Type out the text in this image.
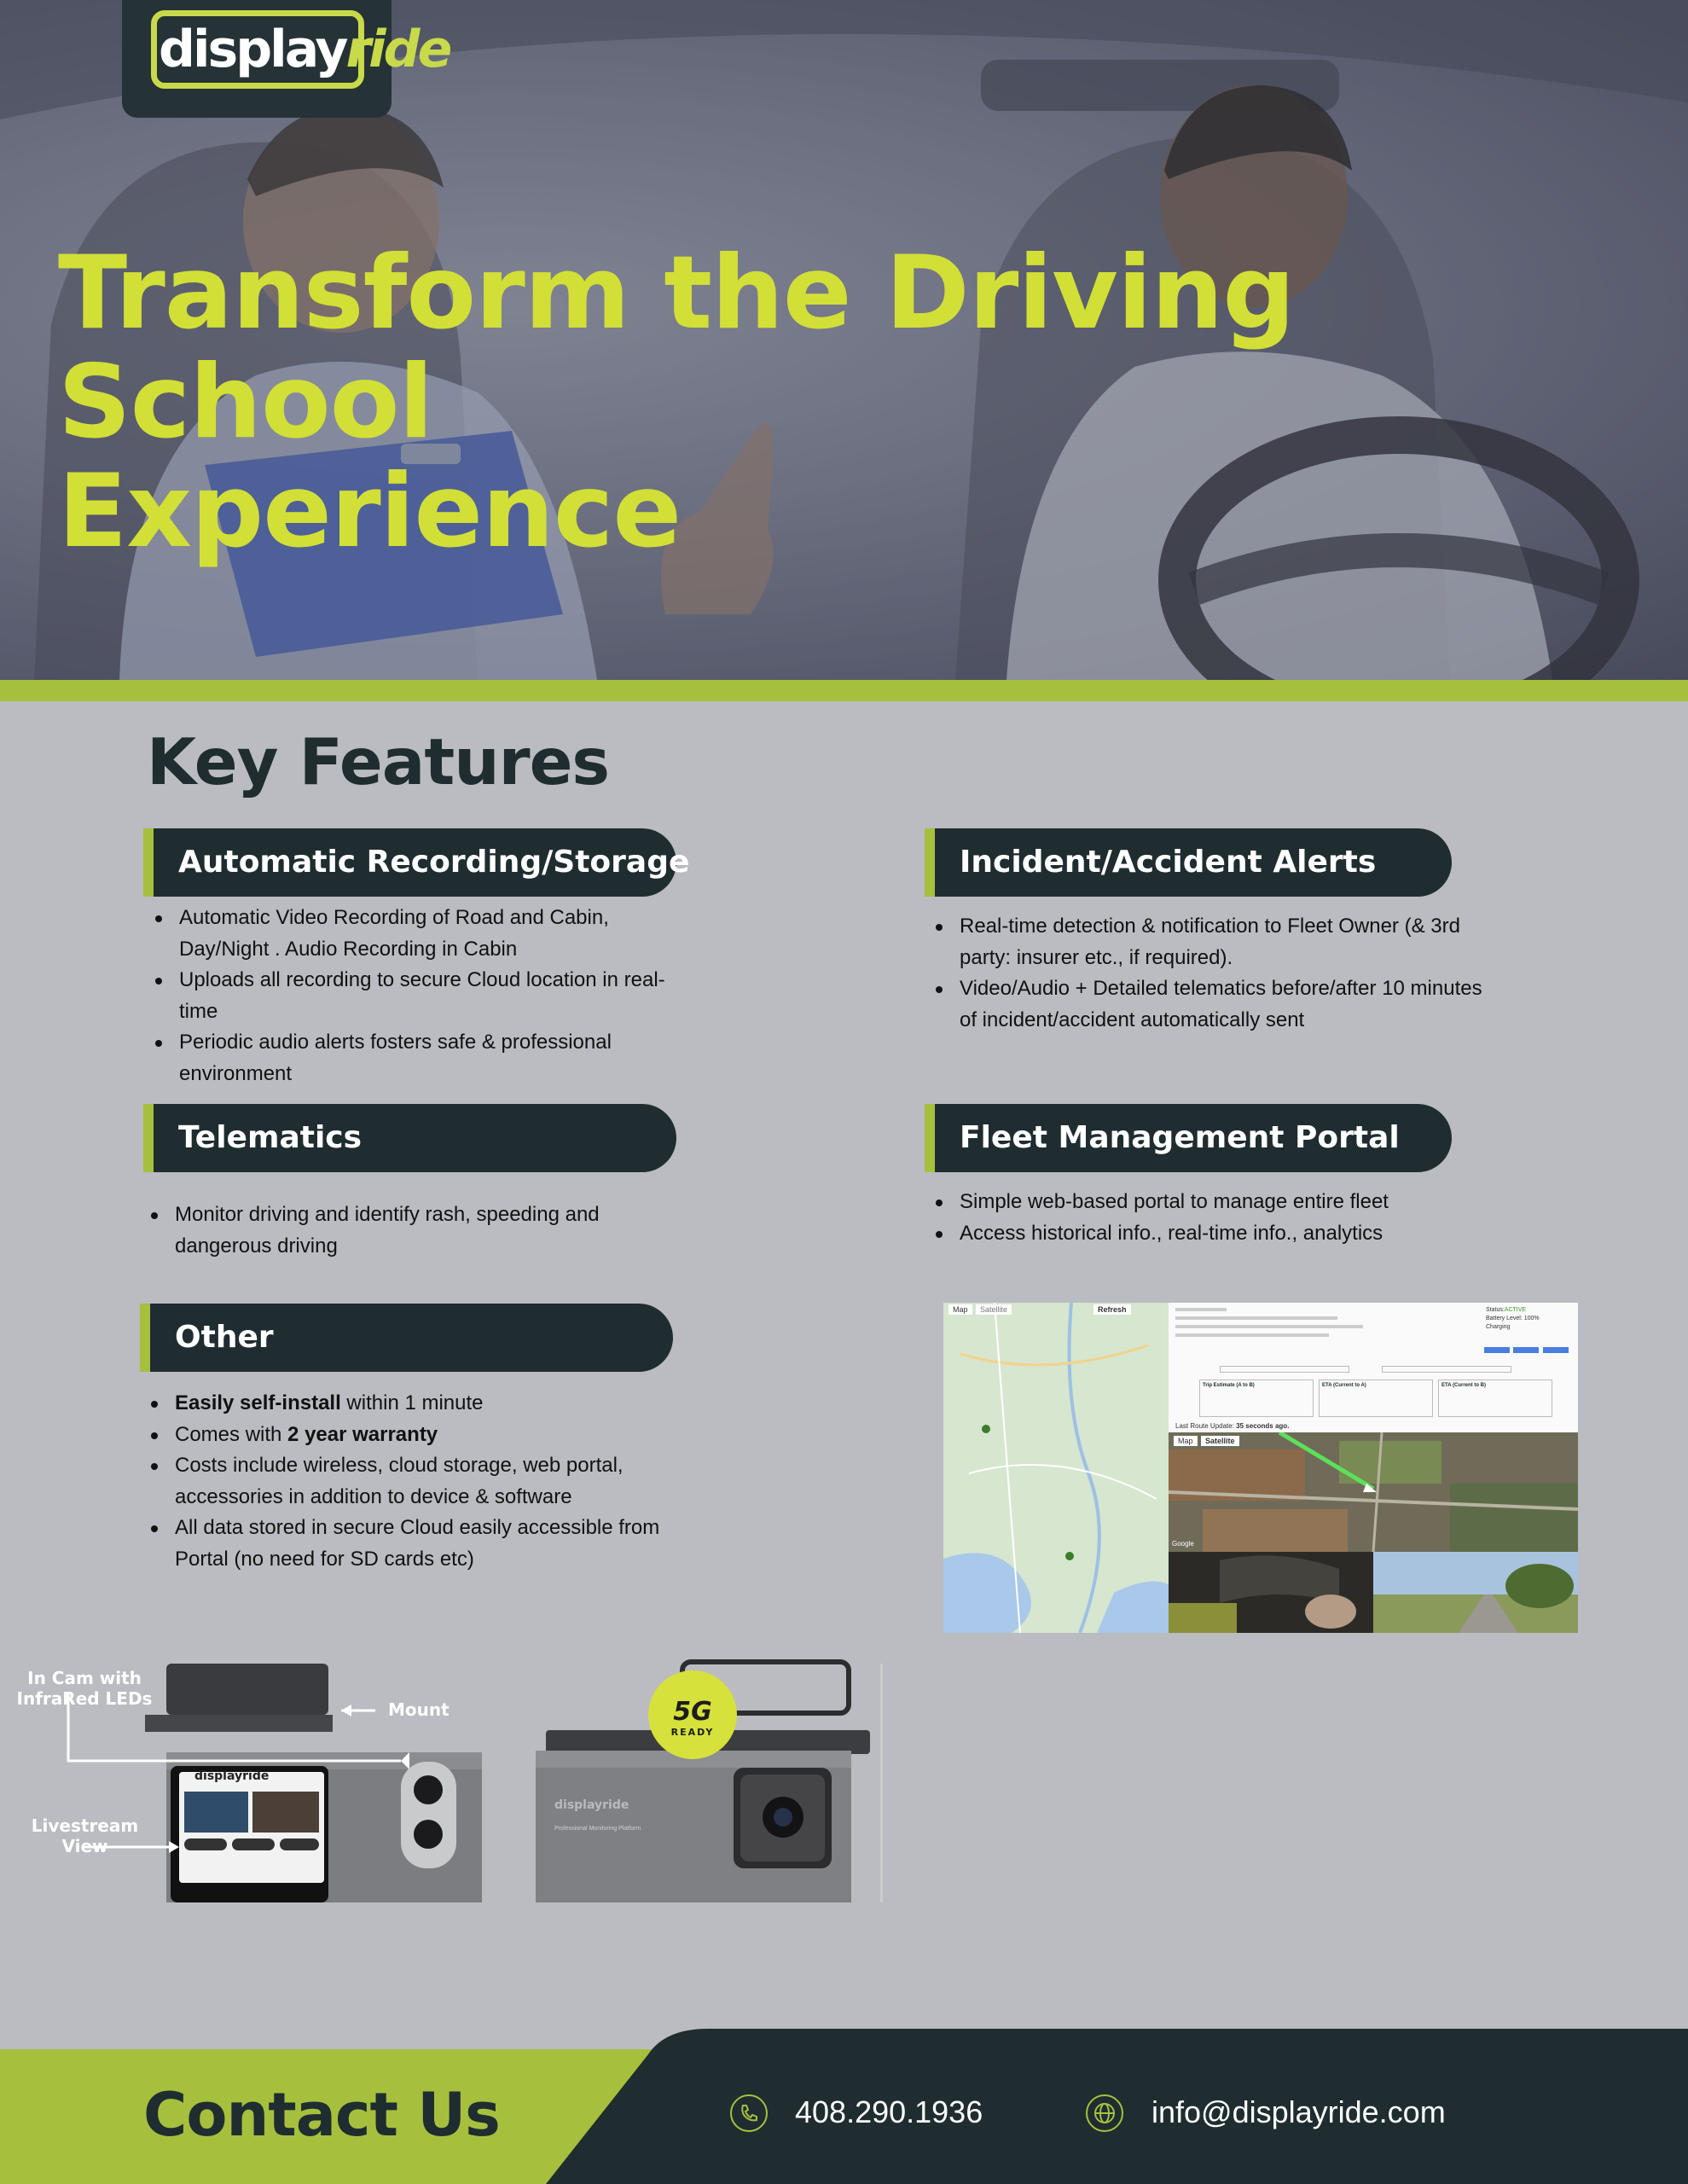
displayride
Transform the Driving School
Experience
Key Features
Automatic Recording/Storage
Automatic Video Recording of Road and Cabin, Day/Night . Audio Recording in Cabin
Uploads all recording to secure Cloud location in real-time
Periodic audio alerts fosters safe & professional environment
Incident/Accident Alerts
Real-time detection & notification to Fleet Owner (& 3rd party: insurer etc., if required).
Video/Audio + Detailed telematics before/after 10 minutes of incident/accident automatically sent
Telematics
Monitor driving and identify rash, speeding and dangerous driving
Fleet Management Portal
Simple web-based portal to manage entire fleet
Access historical info., real-time info., analytics
Other
Easily self-install within 1 minute
Comes with 2 year warranty
Costs include wireless, cloud storage, web portal, accessories in addition to device & software
All data stored in secure Cloud easily accessible from Portal (no need for SD cards etc)
Map	Satellite	Refresh	Status:ACTIVE
Battery Level: 100%
Charging

Trip Estimate (A to B)	ETA (Current to A)	ETA (Current to B)
Last Route Update: 35 seconds ago.
Map	Satellite
Google
In Cam with InfraRed LEDs
Mount
Livestream View
5G
READY
displayride
displayride
Professional Monitoring Platform
Contact Us	408.290.1936	info@displayride.com
